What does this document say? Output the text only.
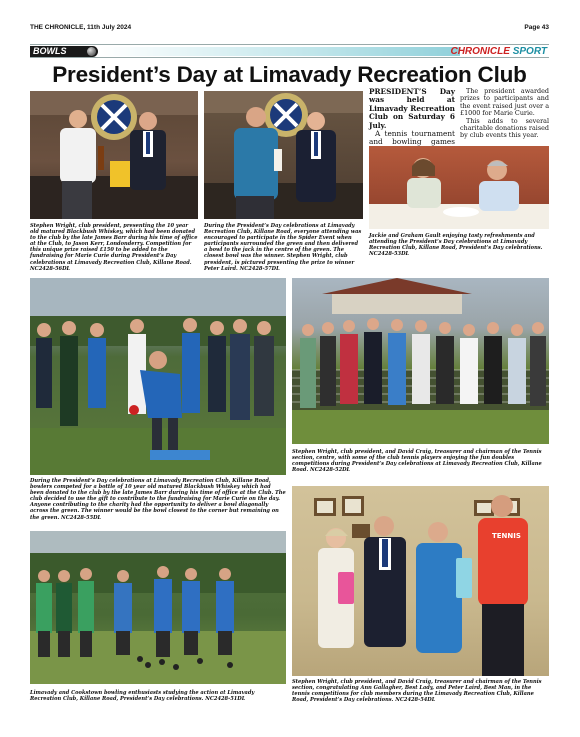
THE CHRONICLE, 11th July 2024	Page 43
BOWLS	CHRONICLE SPORT
President’s Day at Limavady Recreation Club
PRESIDENT’S Day was held at Limavady Recreation Club on Saturday 6 July.
A tennis tournament and bowling games
The president awarded prizes to participants and the event raised just over a £1000 for Marie Curie.
This adds to several charitable donations raised by club events this year.
Stephen Wright, club president, presenting the 10 year old matured Blackbush Whiskey, which had been donated to the club by the late James Barr during his time of office at the Club, to Jason Kerr, Londonderry. Competition for this unique prize raised £150 to be added to the fundraising for Marie Curie during President’s Day celebrations at Limavady Recreation Club, Killane Road. NC2428-56DL
During the President’s Day celebrations at Limavady Recreation Club, Killane Road, everyone attending was encouraged to participate in the Spider Event when participants surrounded the green and then delivered a bowl to the jack in the centre of the green. The closest bowl was the winner. Stephen Wright, club president, is pictured presenting the prize to winner Peter Laird. NC2428-57DL
Jackie and Graham Gault enjoying tasty refreshments and attending the President’s Day celebrations at Limavady Recreation Club, Killane Road, President’s Day celebrations. NC2428-53DL
Stephen Wright, club president, and David Craig, treasurer and chairman of the Tennis section, centre, with some of the club tennis players enjoying the fun doubles competitions during President’s Day celebrations at Limavady Recreation Club, Killane Road. NC2428-52DL
During the President’s Day celebrations at Limavady Recreation Club, Killane Road, bowlers competed for a bottle of 10 year old matured Blackbush Whiskey which had been donated to the club by the late James Barr during his time of office at the Club. The club decided to use the gift to contribute to the fundraising for Marie Curie on the day. Anyone contributing to the charity had the opportunity to deliver a bowl diagonally across the green. The winner would be the bowl closest to the corner but remaining on the green. NC2428-55DL
Limavady and Cookstown bowling enthusiasts studying the action at Limavady Recreation Club, Killane Road, President’s Day celebrations. NC2428-51DL
TENNIS
Stephen Wright, club president, and David Craig, treasurer and chairman of the Tennis section, congratulating Ann Gallagher, Best Lady, and Peter Laird, Best Man, in the tennis competitions for club members during the Limavady Recreation Club, Killane Road, President’s Day celebrations. NC2428-54DL
